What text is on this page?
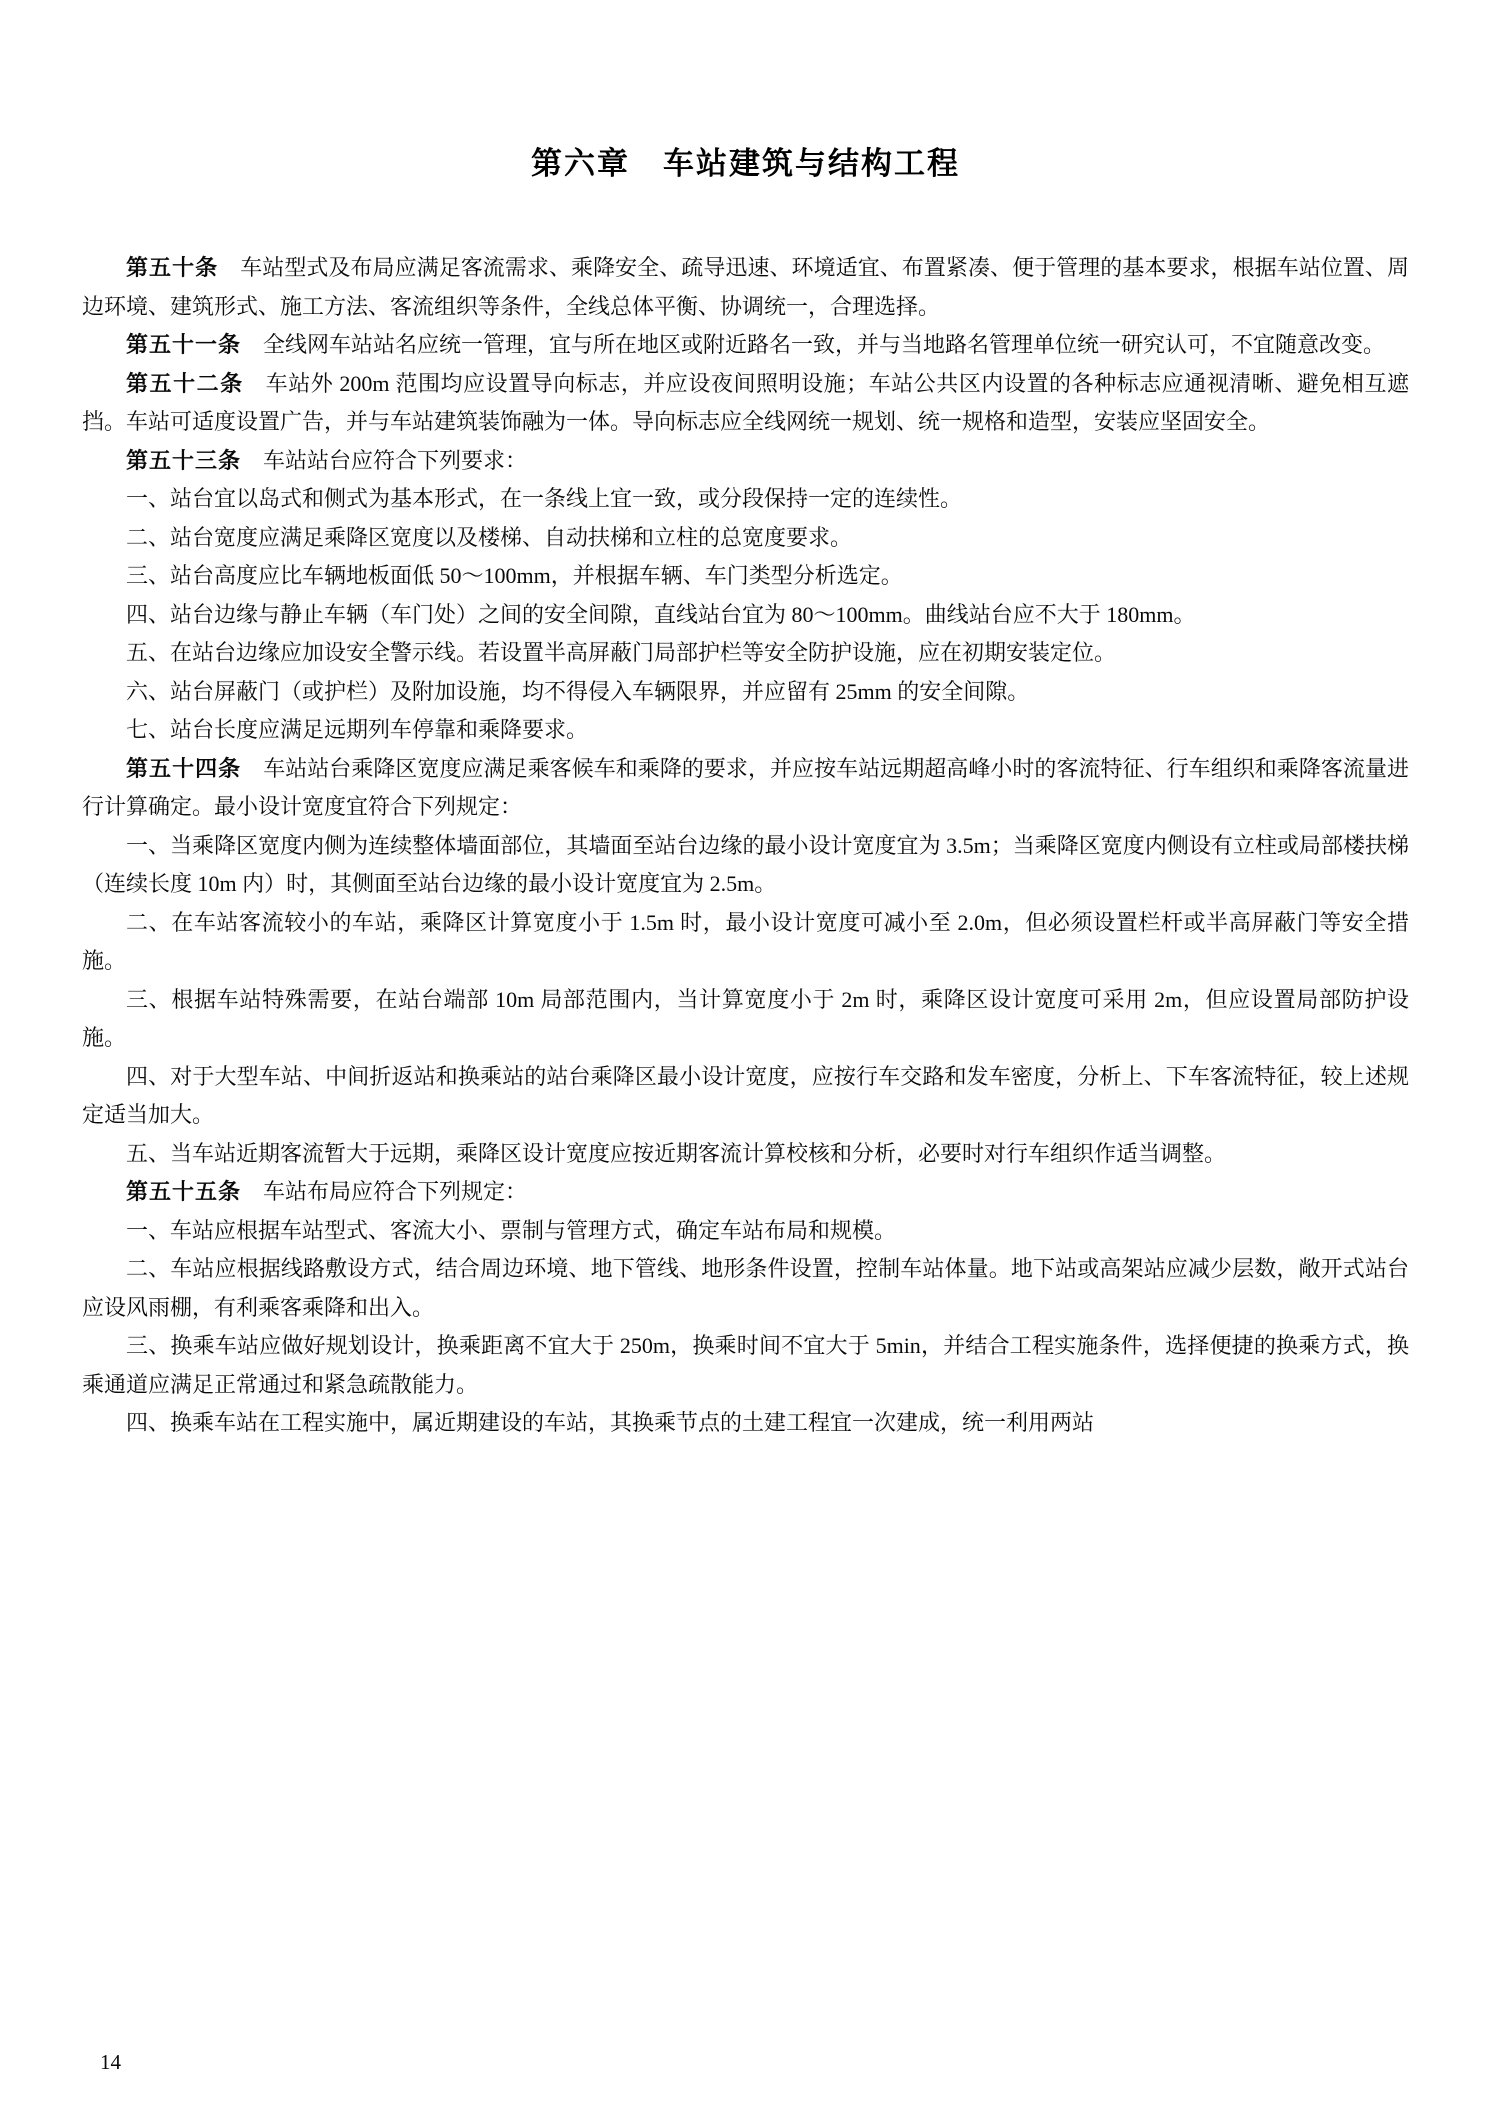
第六章　车站建筑与结构工程

第五十条 车站型式及布局应满足客流需求、乘降安全、疏导迅速、环境适宜、布置紧凑、便于管理的基本要求，根据车站位置、周边环境、建筑形式、施工方法、客流组织等条件，全线总体平衡、协调统一，合理选择。

第五十一条 全线网车站站名应统一管理，宜与所在地区或附近路名一致，并与当地路名管理单位统一研究认可，不宜随意改变。

第五十二条 车站外 200m 范围均应设置导向标志，并应设夜间照明设施；车站公共区内设置的各种标志应通视清晰、避免相互遮挡。车站可适度设置广告，并与车站建筑装饰融为一体。导向标志应全线网统一规划、统一规格和造型，安装应坚固安全。

第五十三条 车站站台应符合下列要求：

一、站台宜以岛式和侧式为基本形式，在一条线上宜一致，或分段保持一定的连续性。

二、站台宽度应满足乘降区宽度以及楼梯、自动扶梯和立柱的总宽度要求。

三、站台高度应比车辆地板面低 50～100mm，并根据车辆、车门类型分析选定。

四、站台边缘与静止车辆（车门处）之间的安全间隙，直线站台宜为 80～100mm。曲线站台应不大于 180mm。

五、在站台边缘应加设安全警示线。若设置半高屏蔽门局部护栏等安全防护设施，应在初期安装定位。

六、站台屏蔽门（或护栏）及附加设施，均不得侵入车辆限界，并应留有 25mm 的安全间隙。

七、站台长度应满足远期列车停靠和乘降要求。

第五十四条 车站站台乘降区宽度应满足乘客候车和乘降的要求，并应按车站远期超高峰小时的客流特征、行车组织和乘降客流量进行计算确定。最小设计宽度宜符合下列规定：

一、当乘降区宽度内侧为连续整体墙面部位，其墙面至站台边缘的最小设计宽度宜为 3.5m；当乘降区宽度内侧设有立柱或局部楼扶梯（连续长度 10m 内）时，其侧面至站台边缘的最小设计宽度宜为 2.5m。

二、在车站客流较小的车站，乘降区计算宽度小于 1.5m 时，最小设计宽度可减小至 2.0m，但必须设置栏杆或半高屏蔽门等安全措施。

三、根据车站特殊需要，在站台端部 10m 局部范围内，当计算宽度小于 2m 时，乘降区设计宽度可采用 2m，但应设置局部防护设施。

四、对于大型车站、中间折返站和换乘站的站台乘降区最小设计宽度，应按行车交路和发车密度，分析上、下车客流特征，较上述规定适当加大。

五、当车站近期客流暂大于远期，乘降区设计宽度应按近期客流计算校核和分析，必要时对行车组织作适当调整。

第五十五条 车站布局应符合下列规定：

一、车站应根据车站型式、客流大小、票制与管理方式，确定车站布局和规模。

二、车站应根据线路敷设方式，结合周边环境、地下管线、地形条件设置，控制车站体量。地下站或高架站应减少层数，敞开式站台应设风雨棚，有利乘客乘降和出入。

三、换乘车站应做好规划设计，换乘距离不宜大于 250m，换乘时间不宜大于 5min，并结合工程实施条件，选择便捷的换乘方式，换乘通道应满足正常通过和紧急疏散能力。

四、换乘车站在工程实施中，属近期建设的车站，其换乘节点的土建工程宜一次建成，统一利用两站

14
